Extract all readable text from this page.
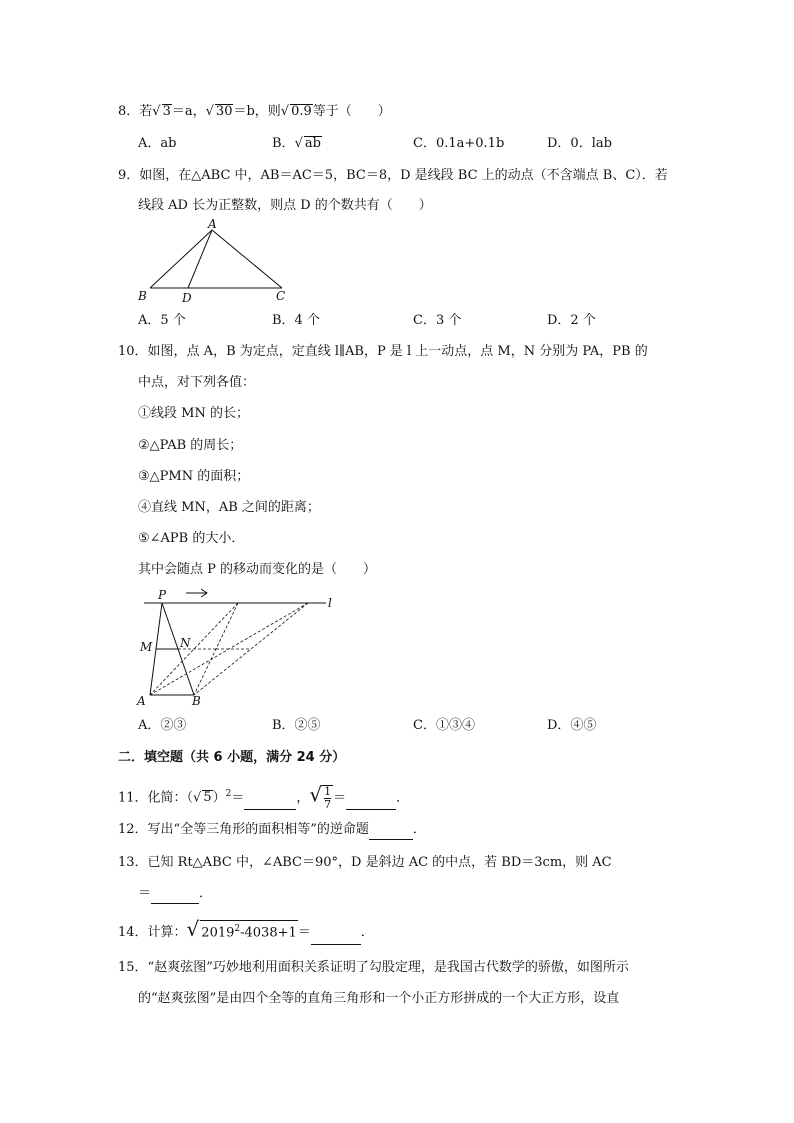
8．若√ 3＝a，√ 30＝b，则√ 0.9等于（　　）
A．ab	B．√ ab	C．0.1a+0.1b	D．0．lab
9．如图，在△ABC 中，AB＝AC＝5，BC＝8，D 是线段 BC 上的动点（不含端点 B、C）．若
线段 AD 长为正整数，则点 D 的个数共有（　　）
A
B	D	C
A．5 个	B．4 个	C．3 个	D．2 个
10．如图，点 A，B 为定点，定直线 l∥AB，P 是 l 上一动点，点 M，N 分别为 PA，PB 的
中点，对下列各值：
①线段 MN 的长；
②△PAB 的周长；
③△PMN 的面积；
④直线 MN，AB 之间的距离；
⑤∠APB 的大小．
其中会随点 P 的移动而变化的是（　　）
P
M N
A	B
l
A．②③	B．②⑤	C．①③④	D．④⑤
二．填空题（共 6 小题，满分 24 分）
11．化简：（√ 5）$^2$＝	，√ $\frac{1}{7}$ ＝	．
12．写出“全等三角形的面积相等”的逆命题	．
13．已知 Rt△ABC 中，∠ABC＝90°，D 是斜边 AC 的中点，若 BD＝3cm，则 AC
＝	．
14．计算：√ $2019^2-4038+1=$	．
15．“赵爽弦图”巧妙地利用面积关系证明了勾股定理，是我国古代数学的骄傲，如图所示
的“赵爽弦图”是由四个全等的直角三角形和一个小正方形拼成的一个大正方形，设直
